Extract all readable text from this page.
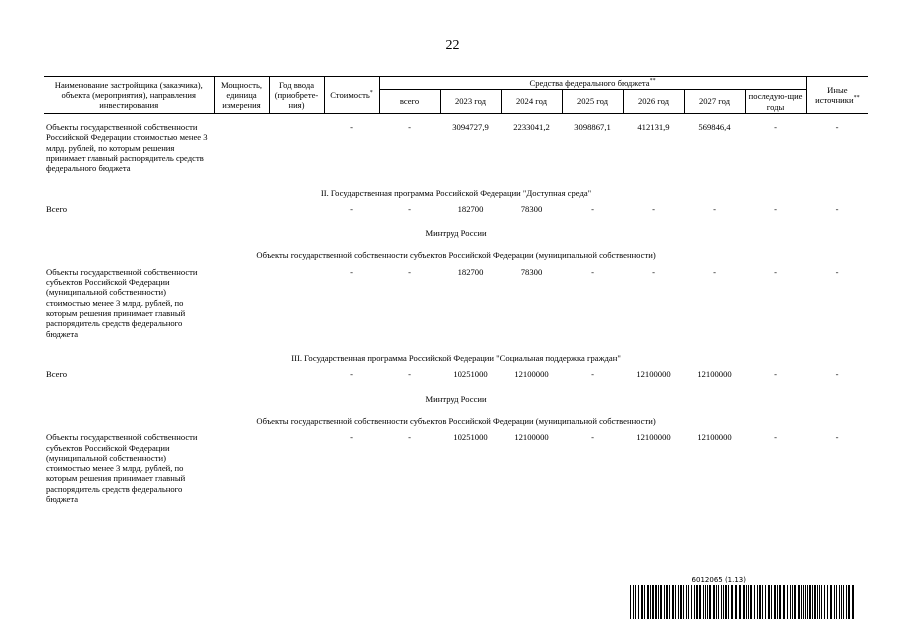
22
Наименование застройщика (заказчика), объекта (мероприятия), направления инвестирования	Мощность, единица измерения	Год ввода (приобрете-ния)	Стоимость*	Средства федерального бюджета**							Иные источники**
				всего	2023 год	2024 год	2025 год	2026 год	2027 год	последую-щие годы	

Объекты государственной собственности Российской Федерации стоимостью менее 3 млрд. рублей, по которым решения принимает главный распорядитель средств федерального бюджета			-	-	3094727,9	2233041,2	3098867,1	412131,9	569846,4	-	-

II. Государственная программа Российской Федерации "Доступная среда"											
Всего			-	-	182700	78300	-	-	-	-	-

Минтруд России											
Объекты государственной собственности субъектов Российской Федерации (муниципальной собственности)											
Объекты государственной собственности субъектов Российской Федерации (муниципальной собственности) стоимостью менее 3 млрд. рублей, по которым решения принимает главный распорядитель средств федерального бюджета			-	-	182700	78300	-	-	-	-	-

III. Государственная программа Российской Федерации "Социальная поддержка граждан"											
Всего			-	-	10251000	12100000	-	12100000	12100000	-	-

Минтруд России											
Объекты государственной собственности субъектов Российской Федерации (муниципальной собственности)											
Объекты государственной собственности субъектов Российской Федерации (муниципальной собственности) стоимостью менее 3 млрд. рублей, по которым решения принимает главный распорядитель средств федерального бюджета			-	-	10251000	12100000	-	12100000	12100000	-	-

6012065 (1.13)
